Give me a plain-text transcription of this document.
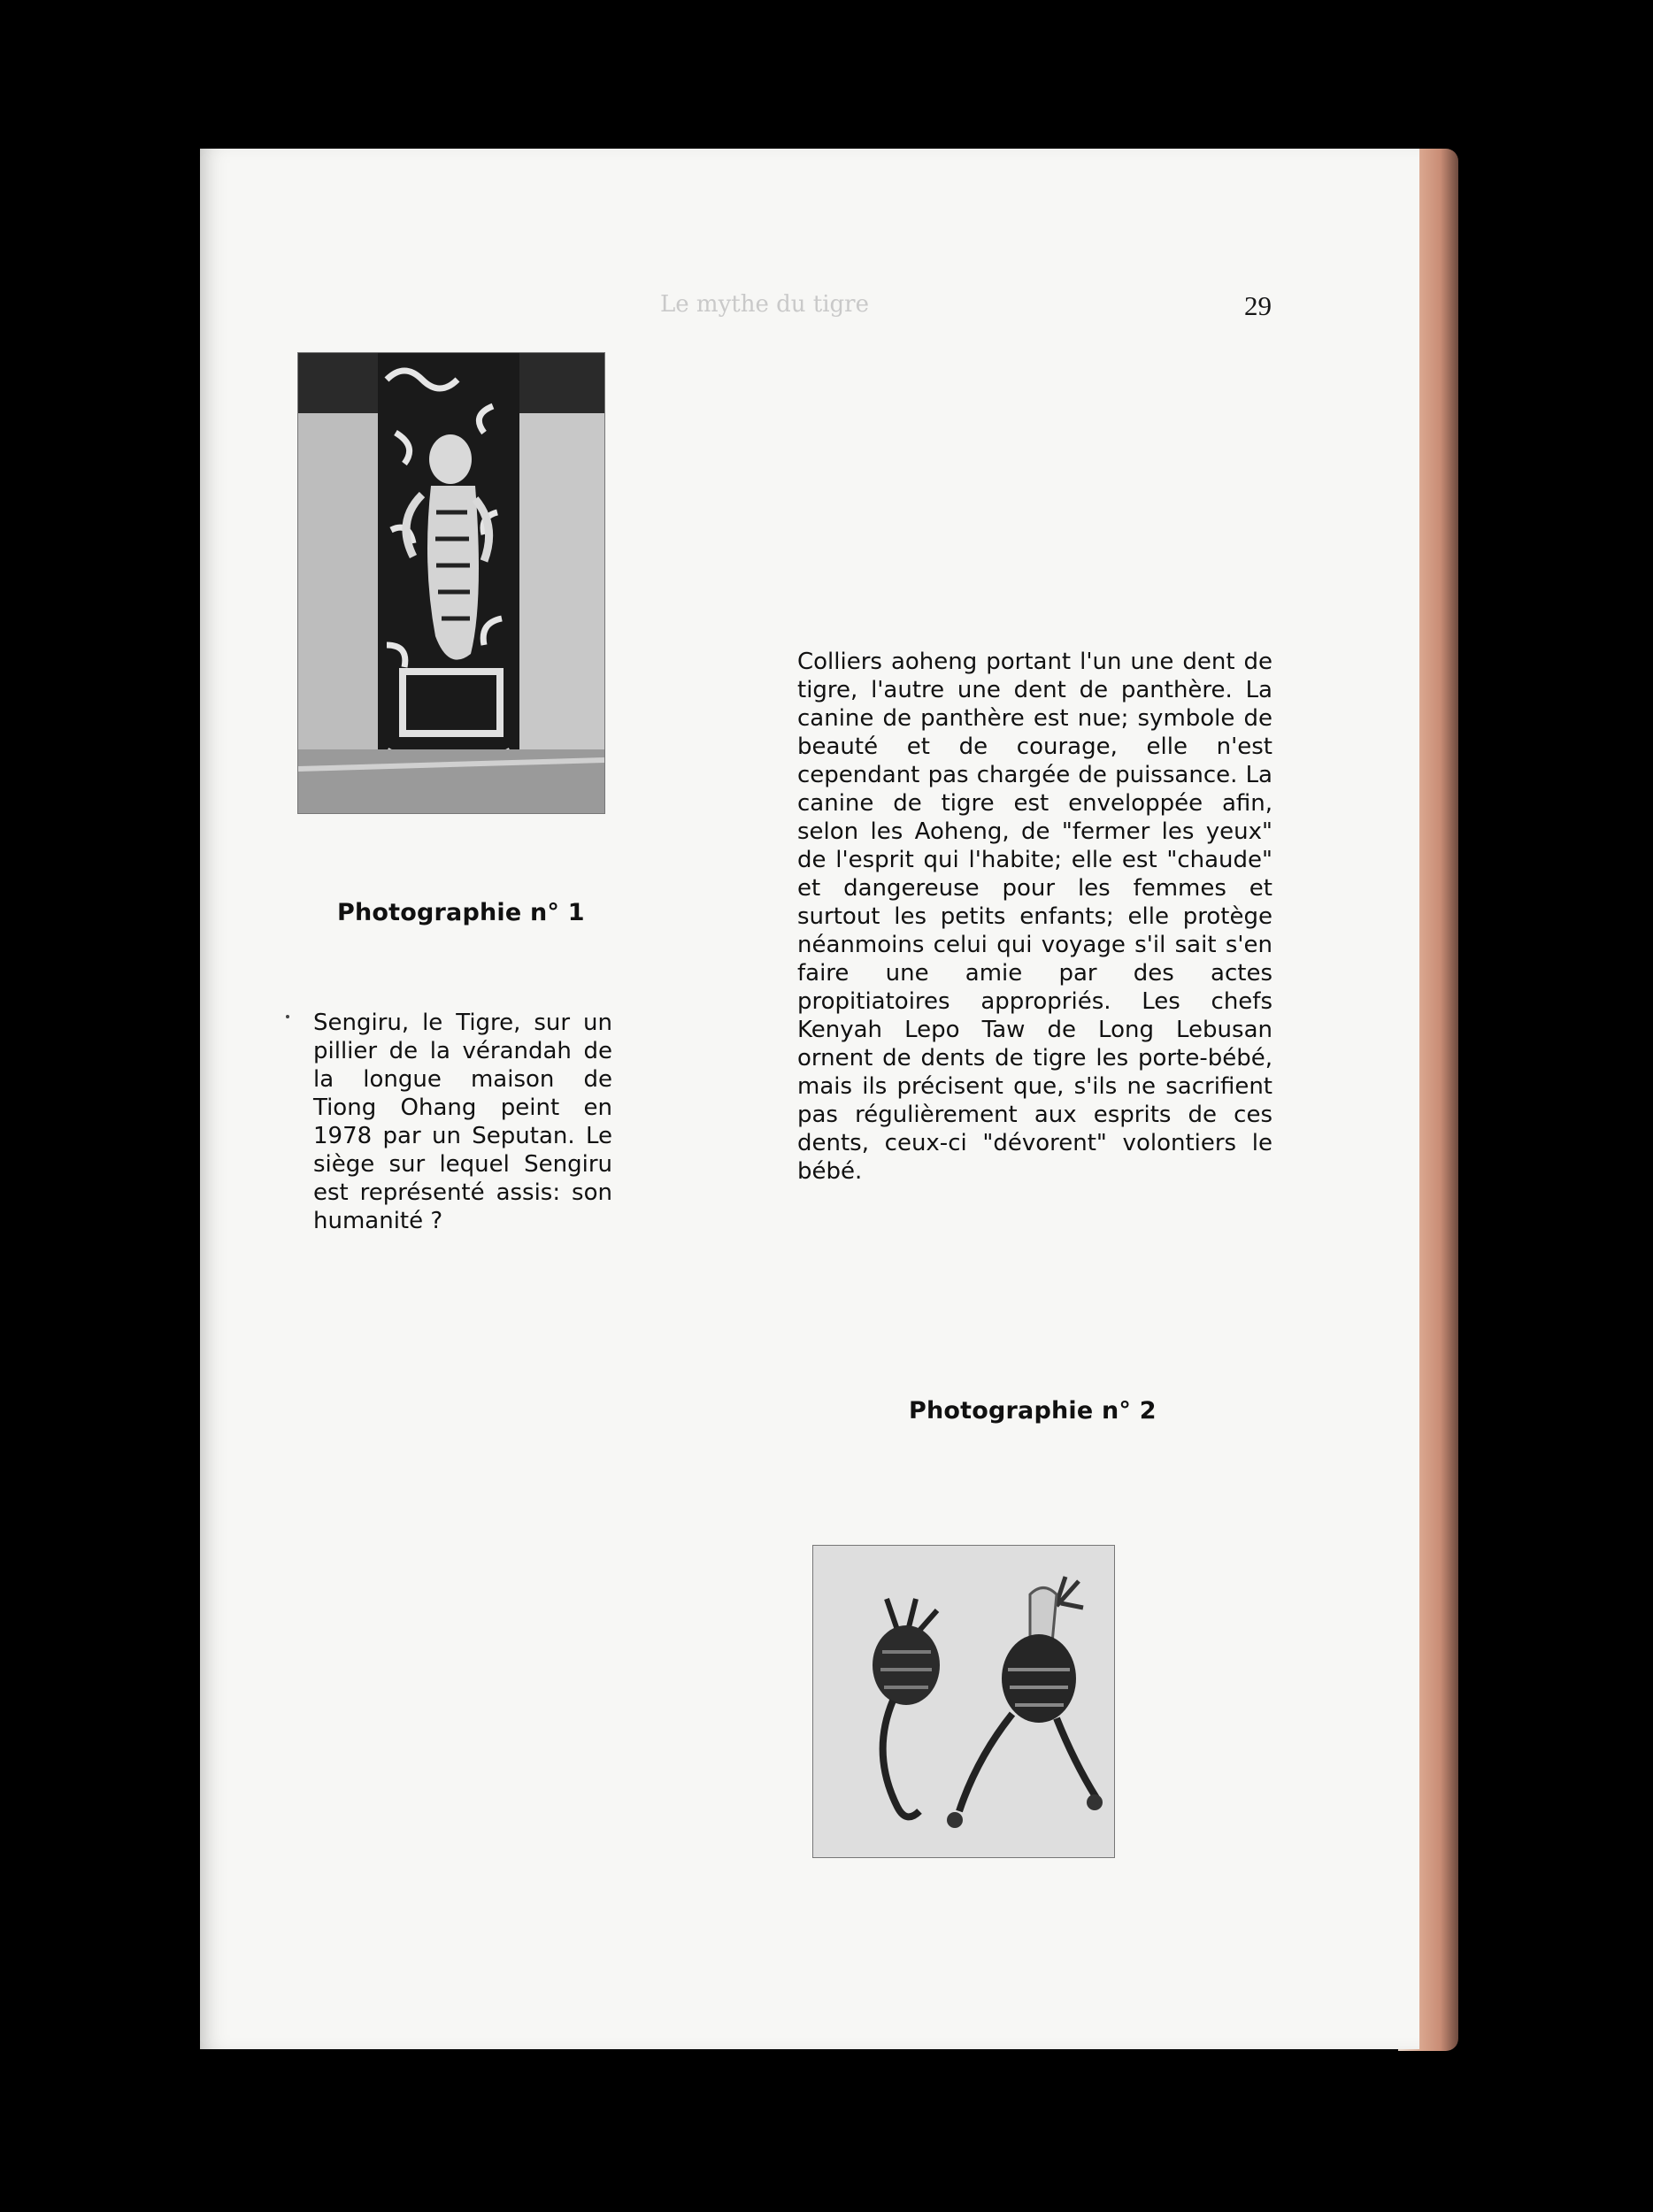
Le mythe du tigre	29
Photographie n° 1
Sengiru, le Tigre, sur un pillier de la vérandah de la longue maison de Tiong Ohang peint en 1978 par un Seputan. Le siège sur lequel Sengiru est représenté assis: son humanité ?
Colliers aoheng portant l'un une dent de tigre, l'autre une dent de panthère. La canine de panthère est nue; symbole de beauté et de courage, elle n'est cependant pas chargée de puissance. La canine de tigre est enveloppée afin, selon les Aoheng, de "fermer les yeux" de l'esprit qui l'habite; elle est "chaude" et dangereuse pour les femmes et surtout les petits enfants; elle protège néanmoins celui qui voyage s'il sait s'en faire une amie par des actes propitiatoires appropriés. Les chefs Kenyah Lepo Taw de Long Lebusan ornent de dents de tigre les porte-bébé, mais ils précisent que, s'ils ne sacrifient pas régulièrement aux esprits de ces dents, ceux-ci "dévorent" volontiers le bébé.
Photographie n° 2
